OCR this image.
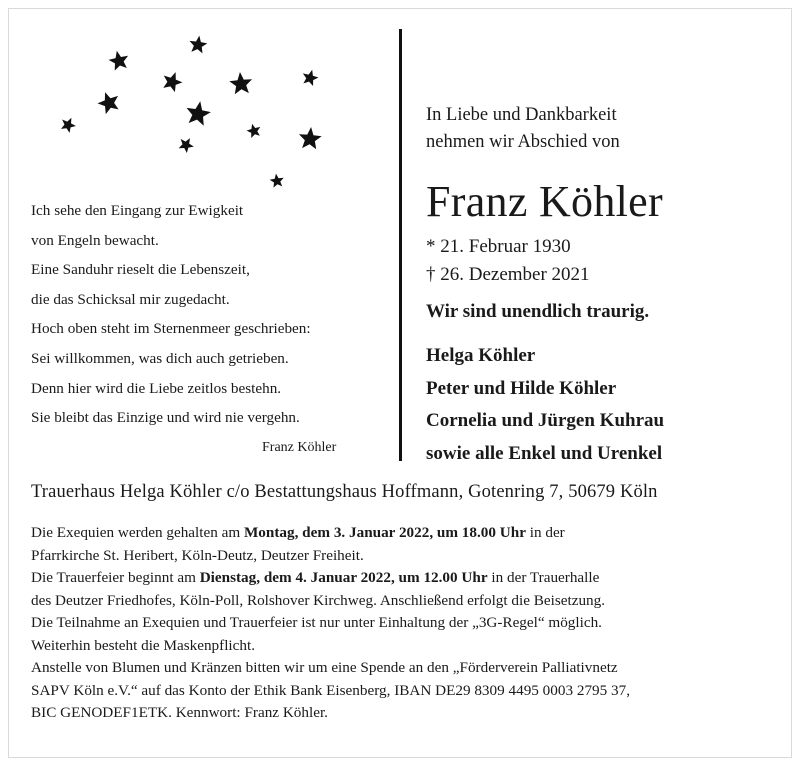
Ich sehe den Eingang zur Ewigkeit
von Engeln bewacht.
Eine Sanduhr rieselt die Lebenszeit,
die das Schicksal mir zugedacht.
Hoch oben steht im Sternenmeer geschrieben:
Sei willkommen, was dich auch getrieben.
Denn hier wird die Liebe zeitlos bestehn.
Sie bleibt das Einzige und wird nie vergehn.
Franz Köhler
In Liebe und Dankbarkeit
nehmen wir Abschied von
Franz Köhler
* 21. Februar 1930
† 26. Dezember 2021
Wir sind unendlich traurig.
Helga Köhler
Peter und Hilde Köhler
Cornelia und Jürgen Kuhrau
sowie alle Enkel und Urenkel
Trauerhaus Helga Köhler c/o Bestattungshaus Hoffmann, Gotenring 7, 50679 Köln
Die Exequien werden gehalten am Montag, dem 3. Januar 2022, um 18.00 Uhr in der
Pfarrkirche St. Heribert, Köln-Deutz, Deutzer Freiheit.
Die Trauerfeier beginnt am Dienstag, dem 4. Januar 2022, um 12.00 Uhr in der Trauerhalle
des Deutzer Friedhofes, Köln-Poll, Rolshover Kirchweg. Anschließend erfolgt die Beisetzung.
Die Teilnahme an Exequien und Trauerfeier ist nur unter Einhaltung der „3G-Regel“ möglich.
Weiterhin besteht die Maskenpflicht.
Anstelle von Blumen und Kränzen bitten wir um eine Spende an den „Förderverein Palliativnetz
SAPV Köln e.V.“ auf das Konto der Ethik Bank Eisenberg, IBAN DE29 8309 4495 0003 2795 37,
BIC GENODEF1ETK. Kennwort: Franz Köhler.
